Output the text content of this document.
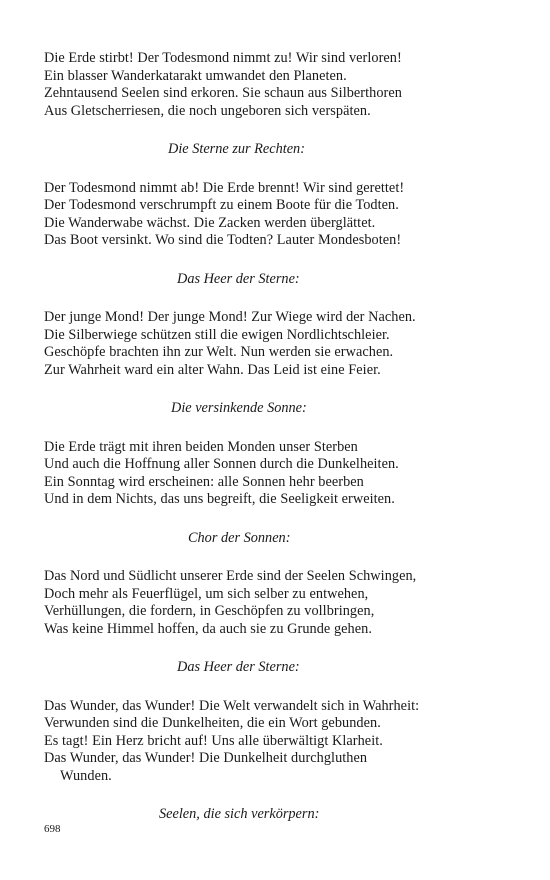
Die Erde stirbt! Der Todesmond nimmt zu! Wir sind verloren!
Ein blasser Wanderkatarakt umwandet den Planeten.
Zehntausend Seelen sind erkoren. Sie schaun aus Silberthoren
Aus Gletscherriesen, die noch ungeboren sich verspäten.
Die Sterne zur Rechten:
Der Todesmond nimmt ab! Die Erde brennt! Wir sind gerettet!
Der Todesmond verschrumpft zu einem Boote für die Todten.
Die Wanderwabe wächst. Die Zacken werden überglättet.
Das Boot versinkt. Wo sind die Todten? Lauter Mondesboten!
Das Heer der Sterne:
Der junge Mond! Der junge Mond! Zur Wiege wird der Nachen.
Die Silberwiege schützen still die ewigen Nordlichtschleier.
Geschöpfe brachten ihn zur Welt. Nun werden sie erwachen.
Zur Wahrheit ward ein alter Wahn. Das Leid ist eine Feier.
Die versinkende Sonne:
Die Erde trägt mit ihren beiden Monden unser Sterben
Und auch die Hoffnung aller Sonnen durch die Dunkelheiten.
Ein Sonntag wird erscheinen: alle Sonnen hehr beerben
Und in dem Nichts, das uns begreift, die Seeligkeit erweiten.
Chor der Sonnen:
Das Nord und Südlicht unserer Erde sind der Seelen Schwingen,
Doch mehr als Feuerflügel, um sich selber zu entwehen,
Verhüllungen, die fordern, in Geschöpfen zu vollbringen,
Was keine Himmel hoffen, da auch sie zu Grunde gehen.
Das Heer der Sterne:
Das Wunder, das Wunder! Die Welt verwandelt sich in Wahrheit:
Verwunden sind die Dunkelheiten, die ein Wort gebunden.
Es tagt! Ein Herz bricht auf! Uns alle überwältigt Klarheit.
Das Wunder, das Wunder! Die Dunkelheit durchgluthen
Wunden.
Seelen, die sich verkörpern:
698
